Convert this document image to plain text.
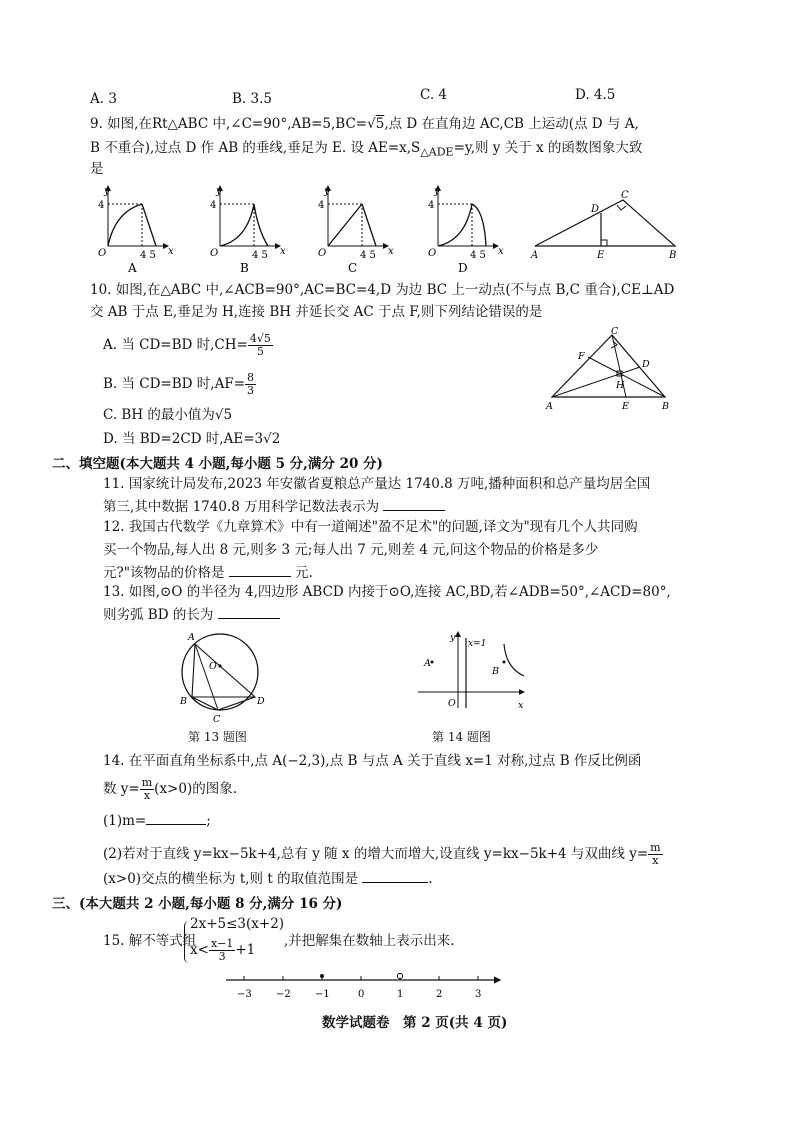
A. 3	B. 3.5	C. 4	D. 4.5
9. 如图,在Rt△ABC 中,∠C=90°,AB=5,BC=√5,点 D 在直角边 AC,CB 上运动(点 D 与 A,
B 不重合),过点 D 作 AB 的垂线,垂足为 E. 设 $AE=x,S_{\triangle ADE}=y$,则 y 关于 x 的函数图象大致
是
4
y
x
O	4 5
A
4
y
x
O	4 5
B
4
y
x
O	4 5
C
4
y
x
O	4 5
D
A	E	B
D
C
10. 如图,在△ABC 中,∠ACB=90°,AC=BC=4,D 为边 BC 上一动点(不与点 B,C 重合),CE⊥AD
交 AB 于点 E,垂足为 H,连接 BH 并延长交 AC 于点 F,则下列结论错误的是
A. 当 CD=BD 时$,CH= \frac{4√5}{5}$
B. 当 CD=BD 时$,AF= \frac{8}{3}$
C. BH 的最小值为√5
D. 当 BD=2CD 时,AE=3√2
C
F
D
H
A	E	B
二、填空题(本大题共 4 小题,每小题 5 分,满分 20 分)
11. 国家统计局发布,2023 年安徽省夏粮总产量达 1740.8 万吨,播种面积和总产量均居全国
第三,其中数据 1740.8 万用科学记数法表示为
12. 我国古代数学《九章算术》中有一道阐述"盈不足术"的问题,译文为"现有几个人共同购
买一个物品,每人出 8 元,则多 3 元;每人出 7 元,则差 4 元,问这个物品的价格是多少
元?"该物品的价格是	元.
13. 如图,⊙O 的半径为 4,四边形 ABCD 内接于⊙O,连接 AC,BD,若∠ADB=50°,∠ACD=80°,
则劣弧 BD 的长为
A
O
B
C
D
第 13 题图
y
x=1
A
B
O	x
第 14 题图
14. 在平面直角坐标系中,点 A(−2,3),点 B 与点 A 关于直线 x=1 对称,过点 B 作反比例函
数 $y= \frac{m}{x} (x>0)$的图象.
(1)m=	;
(2)若对于直线 y=kx−5k+4,总有 y 随 x 的增大而增大,设直线 y=kx−5k+4 与双曲线 $y= \frac{m}{x}$
(x>0)交点的横坐标为 t,则 t 的取值范围是	.
三、(本大题共 2 小题,每小题 8 分,满分 16 分)
15. 解不等式组
2x+5≤3(x+2)
$x< \frac{x-1}{3} +1$
,并把解集在数轴上表示出来.
−3 −2 −1	0	1	2	3
数学试题卷　第 2 页(共 4 页)
